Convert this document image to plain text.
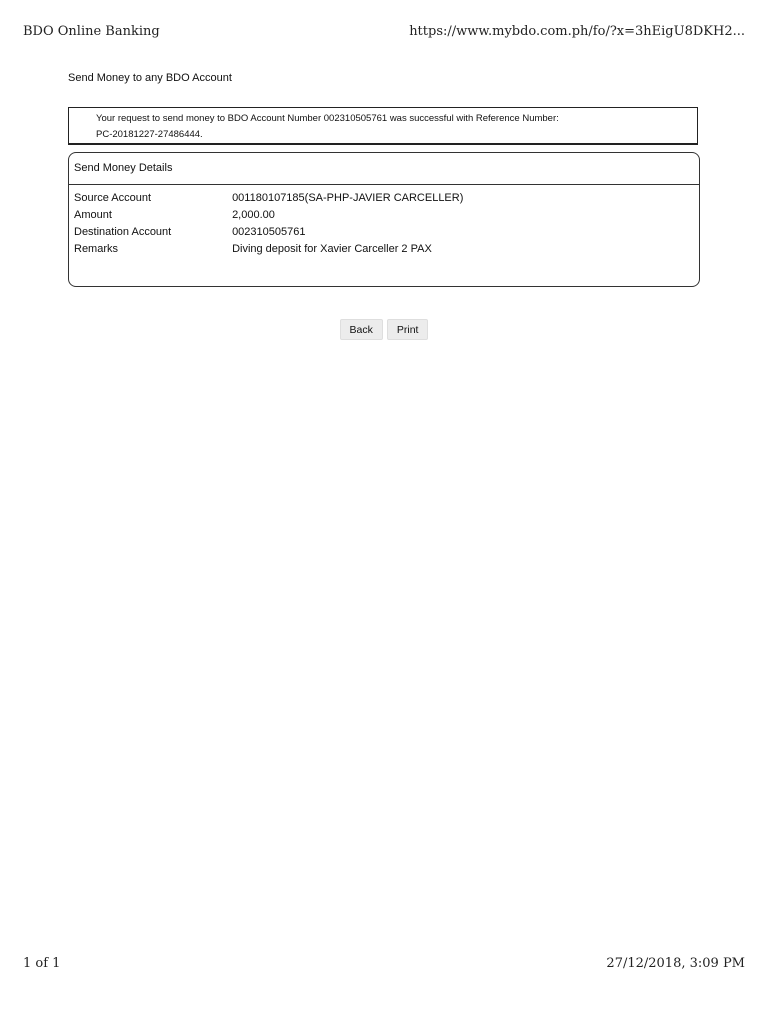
BDO Online Banking	https://www.mybdo.com.ph/fo/?x=3hEigU8DKH2...
Send Money to any BDO Account
Your request to send money to BDO Account Number 002310505761 was successful with Reference Number:
PC-20181227-27486444.
Send Money Details
Source Account	001180107185(SA-PHP-JAVIER CARCELLER)
Amount	2,000.00
Destination Account	002310505761
Remarks	Diving deposit for Xavier Carceller 2 PAX
Back Print
1 of 1	27/12/2018, 3:09 PM
